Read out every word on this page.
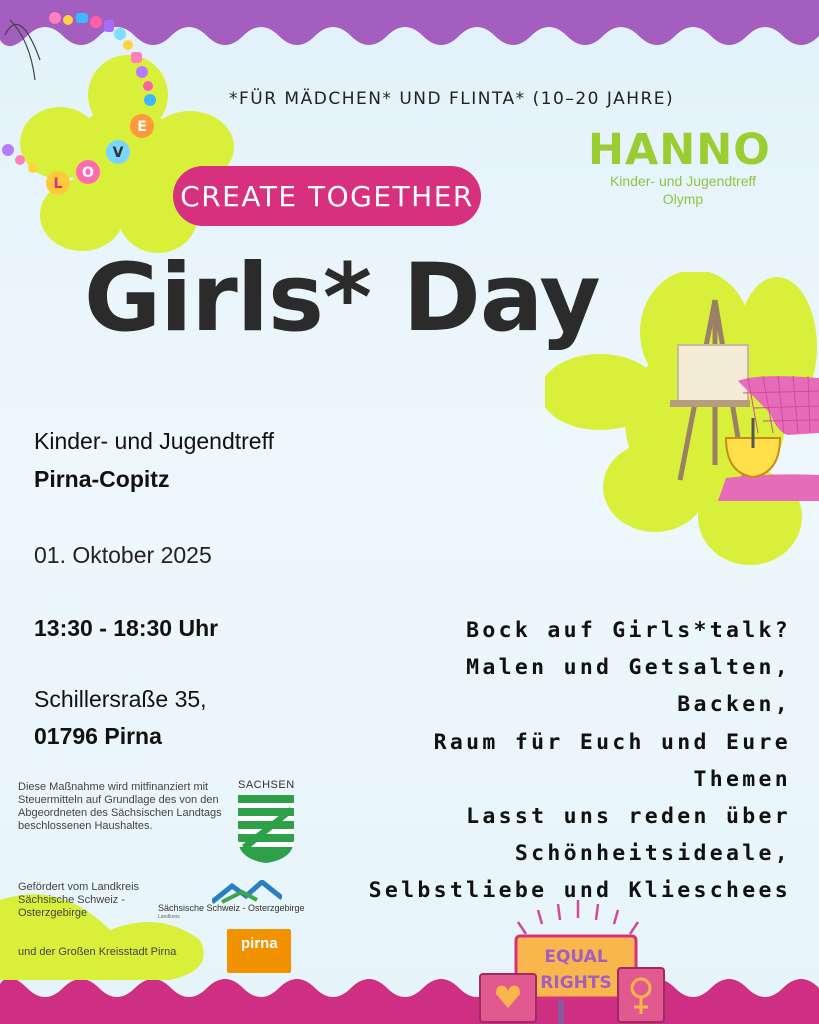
L
O
V
E
*FÜR MÄDCHEN* UND FLINTA* (10–20 JAHRE)
HANNO
Kinder- und Jugendtreff
Olymp
CREATE TOGETHER
Girls* Day
Kinder- und Jugendtreff
Pirna-Copitz
01. Oktober 2025
13:30 - 18:30 Uhr
Schillersraße 35,
01796 Pirna
Bock auf Girls*talk?
Malen und Getsalten,
Backen,
Raum für Euch und Eure
Themen
Lasst uns reden über
Schönheitsideale,
Selbstliebe und Klieschees
Diese Maßnahme wird mitfinanziert mit Steuermitteln auf Grundlage des von den Abgeordneten des Sächsischen Landtags beschlossenen Haushaltes.
Gefördert vom Landkreis Sächsische Schweiz - Osterzgebirge
und der Großen Kreisstadt Pirna
SACHSEN
Sächsische Schweiz - Osterzgebirge
Landkreis
pirna
EQUAL
RIGHTS
